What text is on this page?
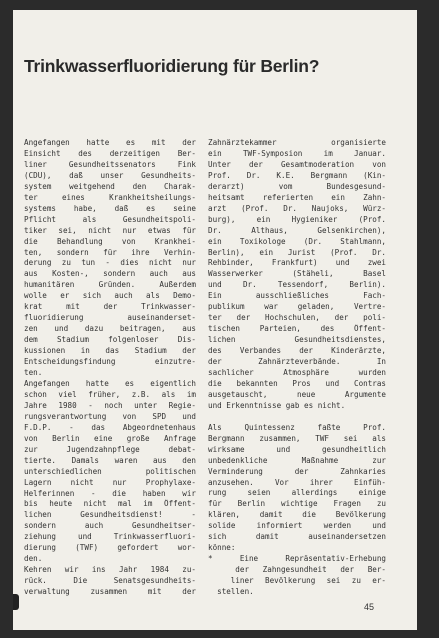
Trinkwasserfluoridierung für Berlin?
Angefangen hatte es mit der
Einsicht des derzeitigen Ber-
liner Gesundheitssenators Fink
(CDU), daß unser Gesundheits-
system weitgehend den Charak-
ter eines Krankheitsheilungs-
systems habe, daß es seine
Pflicht als Gesundheitspoli-
tiker sei, nicht nur etwas für
die Behandlung von Krankhei-
ten, sondern für ihre Verhin-
derung zu tun - dies nicht nur
aus Kosten-, sondern auch aus
humanitären Gründen. Außerdem
wolle er sich auch als Demo-
krat mit der Trinkwasser-
fluoridierung auseinanderset-
zen und dazu beitragen, aus
dem Stadium folgenloser Dis-
kussionen in das Stadium der
Entscheidungsfindung einzutre-
ten.
Angefangen hatte es eigentlich
schon viel früher, z.B. als im
Jahre 1980 - noch unter Regie-
rungsverantwortung von SPD und
F.D.P. - das Abgeordnetenhaus
von Berlin eine große Anfrage
zur Jugendzahnpflege debat-
tierte. Damals waren aus den
unterschiedlichen politischen
Lagern nicht nur Prophylaxe-
Helferinnen - die haben wir
bis heute nicht mal im Öffent-
lichen Gesundheitsdienst! -
sondern auch Gesundheitser-
ziehung und Trinkwasserfluori-
dierung (TWF) gefordert wor-
den.
Kehren wir ins Jahr 1984 zu-
rück. Die Senatsgesundheits-
verwaltung zusammen mit der
Zahnärztekammer organisierte
ein TWF-Symposion im Januar.
Unter der Gesamtmoderation von
Prof. Dr. K.E. Bergmann (Kin-
derarzt) vom Bundesgesund-
heitsamt referierten ein Zahn-
arzt (Prof. Dr. Naujoks, Würz-
burg), ein Hygieniker (Prof.
Dr. Althaus, Gelsenkirchen),
ein Toxikologe (Dr. Stahlmann,
Berlin), ein Jurist (Prof. Dr.
Rehbinder, Frankfurt) und zwei
Wasserwerker (Stäheli, Basel
und Dr. Tessendorf, Berlin).
Ein ausschließliches Fach-
publikum war geladen, Vertre-
ter der Hochschulen, der poli-
tischen Parteien, des Öffent-
lichen Gesundheitsdienstes,
des Verbandes der Kinderärzte,
der Zahnärzteverbände. In
sachlicher Atmosphäre wurden
die bekannten Pros und Contras
ausgetauscht, neue Argumente
und Erkenntnisse gab es nicht.
Als Quintessenz faßte Prof.
Bergmann zusammen, TWF sei als
wirksame und gesundheitlich
unbedenkliche Maßnahme zur
Verminderung der Zahnkaries
anzusehen. Vor ihrer Einfüh-
rung seien allerdings einige
für Berlin wichtige Fragen zu
klären, damit die Bevölkerung
solide informiert werden und
sich damit auseinandersetzen
könne:
* Eine Repräsentativ-Erhebung
der Zahngesundheit der Ber-
liner Bevölkerung sei zu er-
stellen.
45
